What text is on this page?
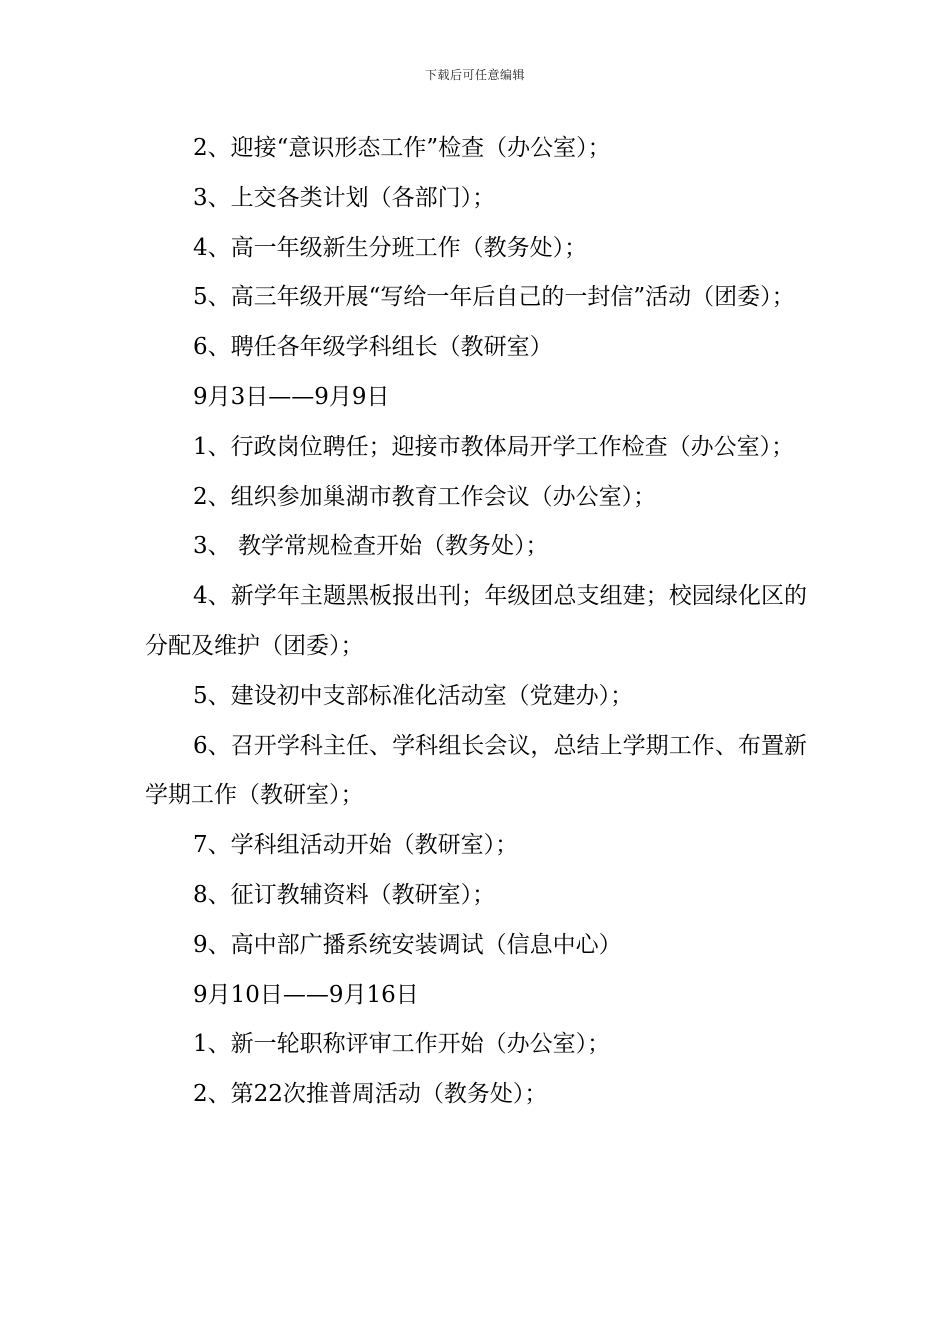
下载后可任意编辑

2、迎接“意识形态工作”检查（办公室）；

3、上交各类计划（各部门）；

4、高一年级新生分班工作（教务处）；

5、高三年级开展“写给一年后自己的一封信”活动（团委）；

6、聘任各年级学科组长（教研室）

9月3日——9月9日

1、行政岗位聘任；迎接市教体局开学工作检查（办公室）；

2、组织参加巢湖市教育工作会议（办公室）；

3、 教学常规检查开始（教务处）；

4、新学年主题黑板报出刊；年级团总支组建；校园绿化区的分配及维护（团委）；

5、建设初中支部标准化活动室（党建办）；

6、召开学科主任、学科组长会议，总结上学期工作、布置新学期工作（教研室）；

7、学科组活动开始（教研室）；

8、征订教辅资料（教研室）；

9、高中部广播系统安装调试（信息中心）

9月10日——9月16日

1、新一轮职称评审工作开始（办公室）；

2、第22次推普周活动（教务处）；
